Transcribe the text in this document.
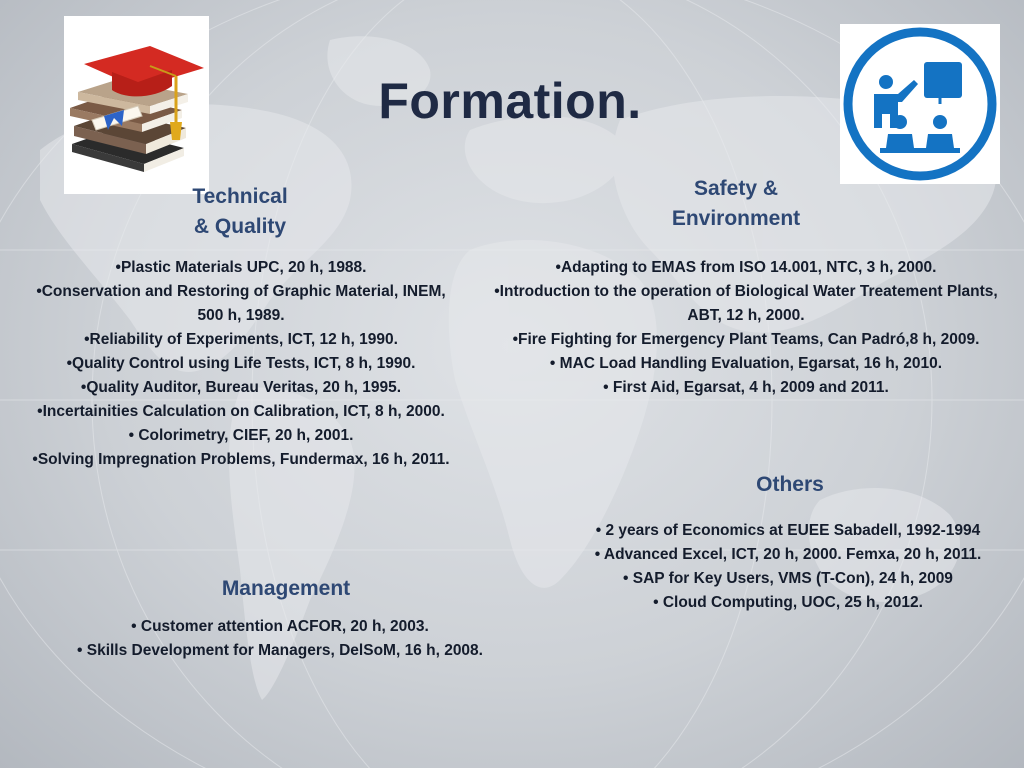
Formation.
Technical
& Quality
•Plastic Materials UPC, 20 h, 1988.
•Conservation and Restoring of Graphic Material, INEM, 500 h, 1989.
•Reliability of Experiments, ICT, 12 h, 1990.
•Quality Control using Life Tests, ICT, 8 h, 1990.
•Quality Auditor, Bureau Veritas, 20 h, 1995.
•Incertainities Calculation on Calibration, ICT, 8 h, 2000.
• Colorimetry, CIEF, 20 h, 2001.
•Solving Impregnation Problems, Fundermax, 16 h, 2011.
Safety &
Environment
•Adapting to EMAS from ISO 14.001, NTC, 3 h, 2000.
•Introduction to the operation of Biological Water Treatement Plants, ABT, 12 h, 2000.
•Fire Fighting for Emergency Plant Teams, Can Padró,8 h, 2009.
• MAC Load Handling Evaluation, Egarsat, 16 h, 2010.
• First Aid, Egarsat, 4 h, 2009 and 2011.
Management
• Customer attention ACFOR, 20 h, 2003.
• Skills Development for Managers, DelSoM, 16 h, 2008.
Others
• 2 years of Economics at EUEE Sabadell, 1992-1994
• Advanced Excel, ICT, 20 h, 2000. Femxa, 20 h, 2011.
• SAP for Key Users, VMS (T-Con), 24 h, 2009
• Cloud Computing, UOC, 25 h, 2012.
